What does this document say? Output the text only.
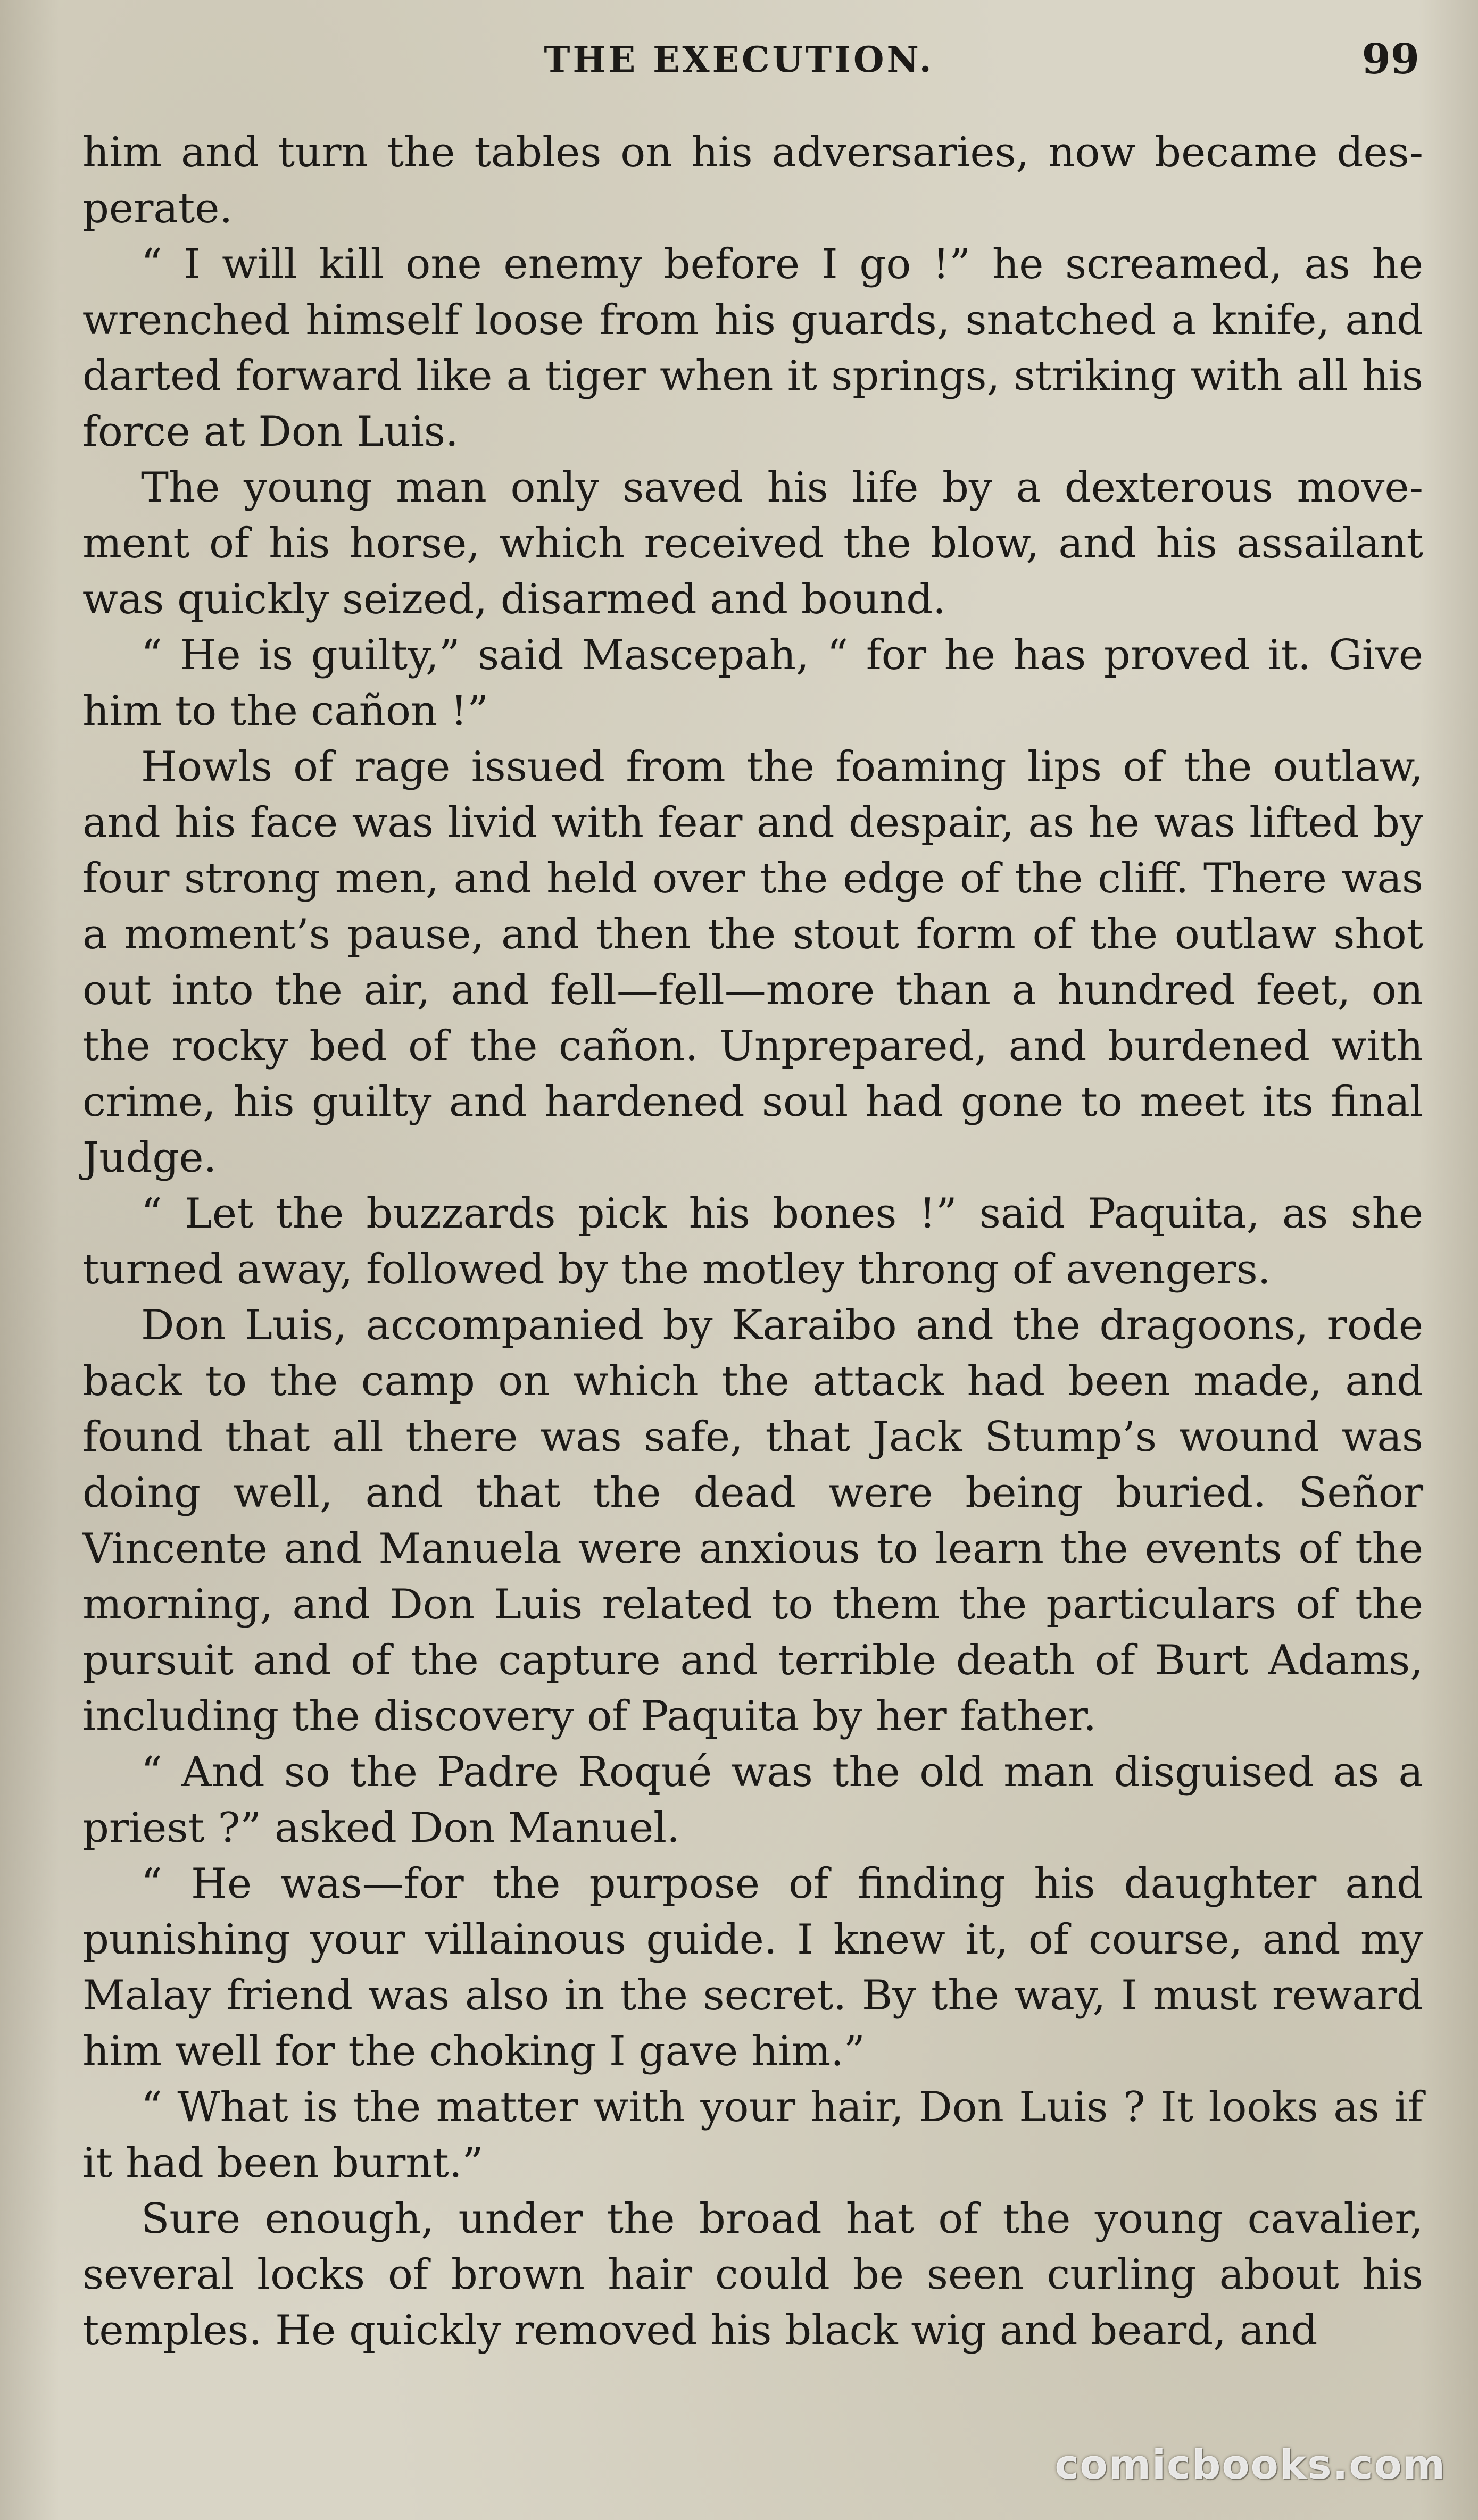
THE EXECUTION.	99

him and turn the tables on his adversaries, now became des-perate.

“ I will kill one enemy before I go !” he screamed, as he wrenched himself loose from his guards, snatched a knife, and darted forward like a tiger when it springs, striking with all his force at Don Luis.

The young man only saved his life by a dexterous move-ment of his horse, which received the blow, and his assailant was quickly seized, disarmed and bound.

“ He is guilty,” said Mascepah, “ for he has proved it. Give him to the cañon !”

Howls of rage issued from the foaming lips of the outlaw, and his face was livid with fear and despair, as he was lifted by four strong men, and held over the edge of the cliff. There was a moment’s pause, and then the stout form of the outlaw shot out into the air, and fell—fell—more than a hundred feet, on the rocky bed of the cañon. Unprepared, and burdened with crime, his guilty and hardened soul had gone to meet its final Judge.

“ Let the buzzards pick his bones !” said Paquita, as she turned away, followed by the motley throng of avengers.

Don Luis, accompanied by Karaibo and the dragoons, rode back to the camp on which the attack had been made, and found that all there was safe, that Jack Stump’s wound was doing well, and that the dead were being buried. Señor Vincente and Manuela were anxious to learn the events of the morning, and Don Luis related to them the particulars of the pursuit and of the capture and terrible death of Burt Adams, including the discovery of Paquita by her father.

“ And so the Padre Roqué was the old man disguised as a priest ?” asked Don Manuel.

“ He was—for the purpose of finding his daughter and punishing your villainous guide. I knew it, of course, and my Malay friend was also in the secret. By the way, I must reward him well for the choking I gave him.”

“ What is the matter with your hair, Don Luis ? It looks as if it had been burnt.”

Sure enough, under the broad hat of the young cavalier, several locks of brown hair could be seen curling about his temples. He quickly removed his black wig and beard, and

comicbooks.com
